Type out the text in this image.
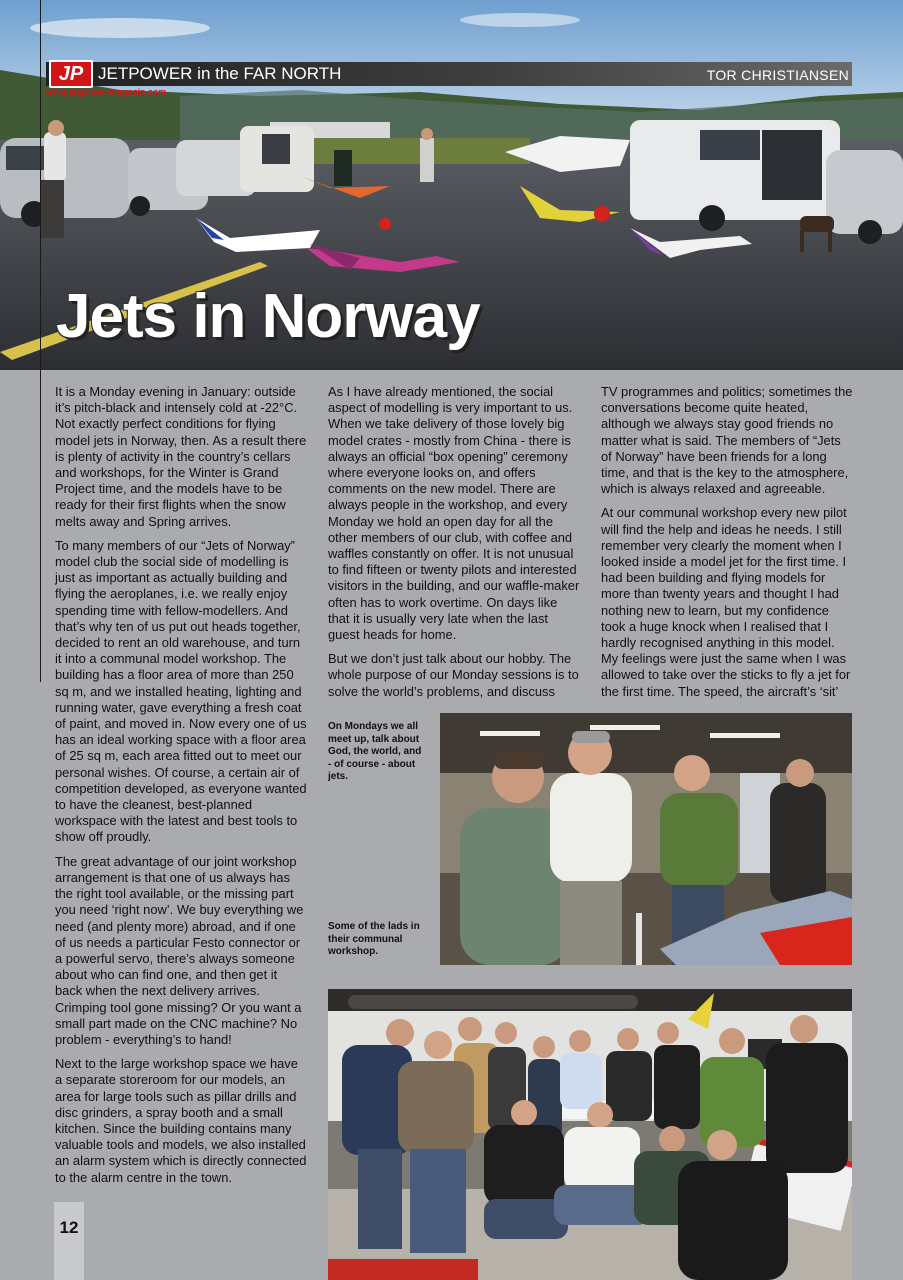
JP JETPOWER in the FAR NORTH	TOR CHRISTIANSEN
www.jetpower-magazin.com
Jets in Norway

It is a Monday evening in January: outside it’s pitch-black and intensely cold at -22°C. Not exactly perfect conditions for flying model jets in Norway, then. As a result there is plenty of activity in the country’s cellars and workshops, for the Winter is Grand Project time, and the models have to be ready for their first flights when the snow melts away and Spring arrives.

To many members of our “Jets of Norway” model club the social side of modelling is just as important as actually building and flying the aeroplanes, i.e. we really enjoy spending time with fellow-modellers. And that’s why ten of us put out heads together, decided to rent an old warehouse, and turn it into a communal model workshop. The building has a floor area of more than 250 sq m, and we installed heating, lighting and running water, gave everything a fresh coat of paint, and moved in. Now every one of us has an ideal working space with a floor area of 25 sq m, each area fitted out to meet our personal wishes. Of course, a certain air of competition developed, as everyone wanted to have the cleanest, best-planned workspace with the latest and best tools to show off proudly.

The great advantage of our joint workshop arrangement is that one of us always has the right tool available, or the missing part you need ‘right now’. We buy everything we need (and plenty more) abroad, and if one of us needs a particular Festo connector or a powerful servo, there’s always someone about who can find one, and then get it back when the next delivery arrives. Crimping tool gone missing? Or you want a small part made on the CNC machine? No problem - everything’s to hand!

Next to the large workshop space we have a separate storeroom for our models, an area for large tools such as pillar drills and disc grinders, a spray booth and a small kitchen. Since the building contains many valuable tools and models, we also installed an alarm system which is directly connected to the alarm centre in the town.

As I have already mentioned, the social aspect of modelling is very important to us. When we take delivery of those lovely big model crates - mostly from China - there is always an official “box opening” ceremony where everyone looks on, and offers comments on the new model. There are always people in the workshop, and every Monday we hold an open day for all the other members of our club, with coffee and waffles constantly on offer. It is not unusual to find fifteen or twenty pilots and interested visitors in the building, and our waffle-maker often has to work overtime. On days like that it is usually very late when the last guest heads for home.

But we don’t just talk about our hobby. The whole purpose of our Monday sessions is to solve the world’s problems, and discuss

TV programmes and politics; sometimes the conversations become quite heated, although we always stay good friends no matter what is said. The members of “Jets of Norway” have been friends for a long time, and that is the key to the atmosphere, which is always relaxed and agreeable.

At our communal workshop every new pilot will find the help and ideas he needs. I still remember very clearly the moment when I looked inside a model jet for the first time. I had been building and flying models for more than twenty years and thought I had nothing new to learn, but my confidence took a huge knock when I realised that I hardly recognised anything in this model. My feelings were just the same when I was allowed to take over the sticks to fly a jet for the first time. The speed, the aircraft’s ‘sit’

On Mondays we all meet up, talk about God, the world, and - of course - about jets.
Some of the lads in their communal workshop.
12
